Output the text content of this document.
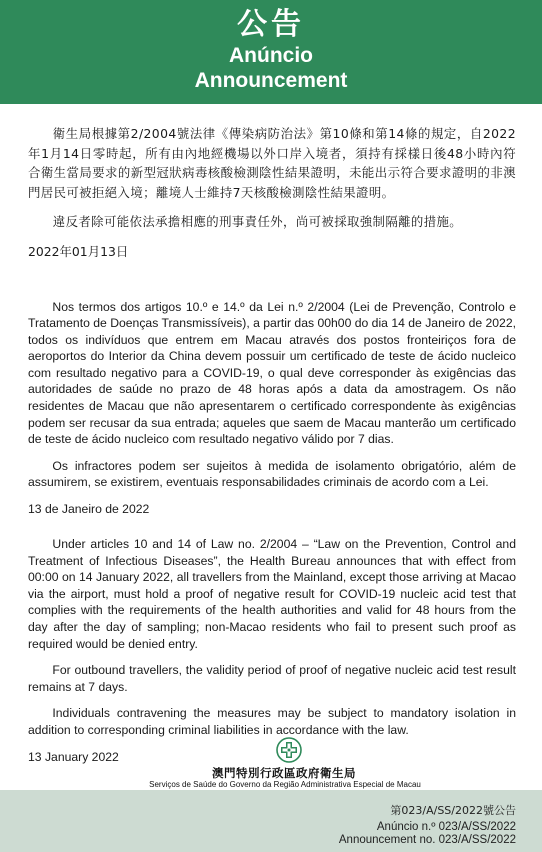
公告
Anúncio
Announcement

衛生局根據第2/2004號法律《傳染病防治法》第10條和第14條的規定，自2022年1月14日零時起，所有由內地經機場以外口岸入境者，須持有採樣日後48小時內符合衛生當局要求的新型冠狀病毒核酸檢測陰性結果證明，未能出示符合要求證明的非澳門居民可被拒絕入境；離境人士維持7天核酸檢測陰性結果證明。

違反者除可能依法承擔相應的刑事責任外，尚可被採取強制隔離的措施。

2022年01月13日

Nos termos dos artigos 10.º e 14.º da Lei n.º 2/2004 (Lei de Prevenção, Controlo e Tratamento de Doenças Transmissíveis), a partir das 00h00 do dia 14 de Janeiro de 2022, todos os indivíduos que entrem em Macau através dos postos fronteiriços fora de aeroportos do Interior da China devem possuir um certificado de teste de ácido nucleico com resultado negativo para a COVID-19, o qual deve corresponder às exigências das autoridades de saúde no prazo de 48 horas após a data da amostragem. Os não residentes de Macau que não apresentarem o certificado correspondente às exigências podem ser recusar da sua entrada; aqueles que saem de Macau manterão um certificado de teste de ácido nucleico com resultado negativo válido por 7 dias.

Os infractores podem ser sujeitos à medida de isolamento obrigatório, além de assumirem, se existirem, eventuais responsabilidades criminais de acordo com a Lei.

13 de Janeiro de 2022

Under articles 10 and 14 of Law no. 2/2004 – “Law on the Prevention, Control and Treatment of Infectious Diseases”, the Health Bureau announces that with effect from 00:00 on 14 January 2022, all travellers from the Mainland, except those arriving at Macao via the airport, must hold a proof of negative result for COVID-19 nucleic acid test that complies with the requirements of the health authorities and valid for 48 hours from the day after the day of sampling; non-Macao residents who fail to present such proof as required would be denied entry.

For outbound travellers, the validity period of proof of negative nucleic acid test result remains at 7 days.

Individuals contravening the measures may be subject to mandatory isolation in addition to corresponding criminal liabilities in accordance with the law.

13 January 2022
澳門特別行政區政府衛生局
Serviços de Saúde do Governo da Região Administrativa Especial de Macau
第023/A/SS/2022號公告
Anúncio n.º 023/A/SS/2022
Announcement no. 023/A/SS/2022
